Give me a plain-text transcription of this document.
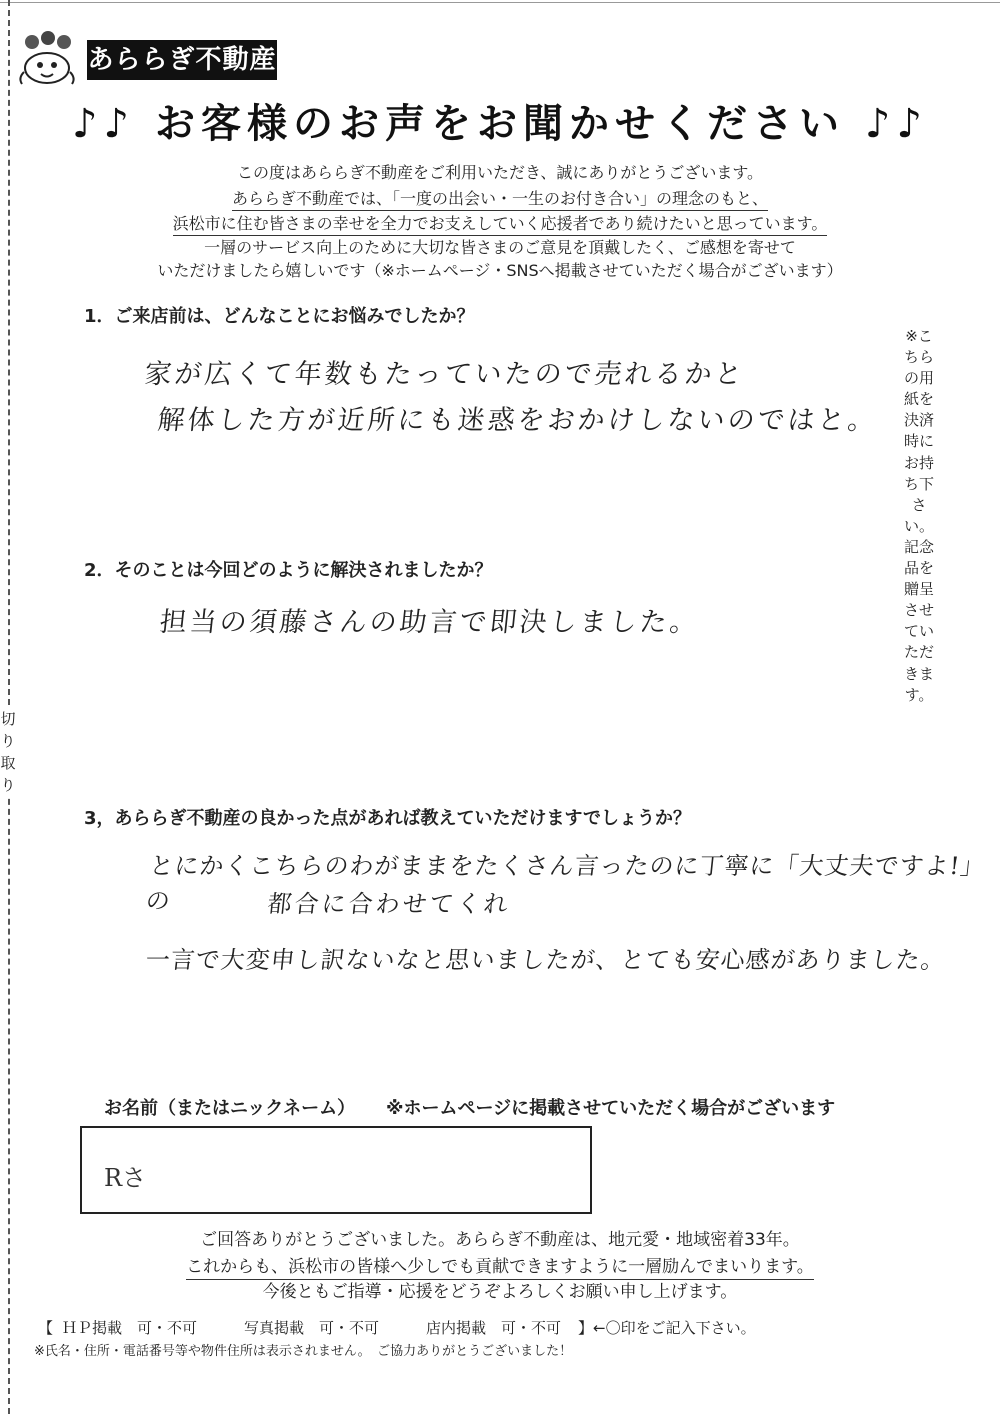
切
り
取
り
あららぎ不動産
♪♪ お客様のお声をお聞かせください ♪♪
この度はあららぎ不動産をご利用いただき、誠にありがとうございます。
あららぎ不動産では、「一度の出会い・一生のお付き合い」の理念のもと、
浜松市に住む皆さまの幸せを全力でお支えしていく応援者であり続けたいと思っています。
一層のサービス向上のために大切な皆さまのご意見を頂戴したく、ご感想を寄せて
いただけましたら嬉しいです（※ホームページ・SNSへ掲載させていただく場合がございます）
1．ご来店前は、どんなことにお悩みでしたか？
家が広くて年数もたっていたので売れるかと
解体した方が近所にも迷惑をおかけしないのではと。
2．そのことは今回どのように解決されましたか？
担当の須藤さんの助言で即決しました。
3，あららぎ不動産の良かった点があれば教えていただけますでしょうか？
とにかくこちらのわがままをたくさん言ったのに丁寧に「大丈夫ですよ!」の	都合に合わせてくれ
一言で大変申し訳ないなと思いましたが、とても安心感がありました。
※こちらの用紙を決済時にお持ち下さい。記念品を贈呈させていただきます。
お名前（またはニックネーム） ※ホームページに掲載させていただく場合がございます
Rさ
ご回答ありがとうございました。あららぎ不動産は、地元愛・地域密着33年。
これからも、浜松市の皆様へ少しでも貢献できますように一層励んでまいります。
今後ともご指導・応援をどうぞよろしくお願い申し上げます。
【 ＨＰ掲載　可・不可	写真掲載　可・不可	店内掲載　可・不可 】←〇印をご記入下さい。
※氏名・住所・電話番号等や物件住所は表示されません。　ご協力ありがとうございました！
